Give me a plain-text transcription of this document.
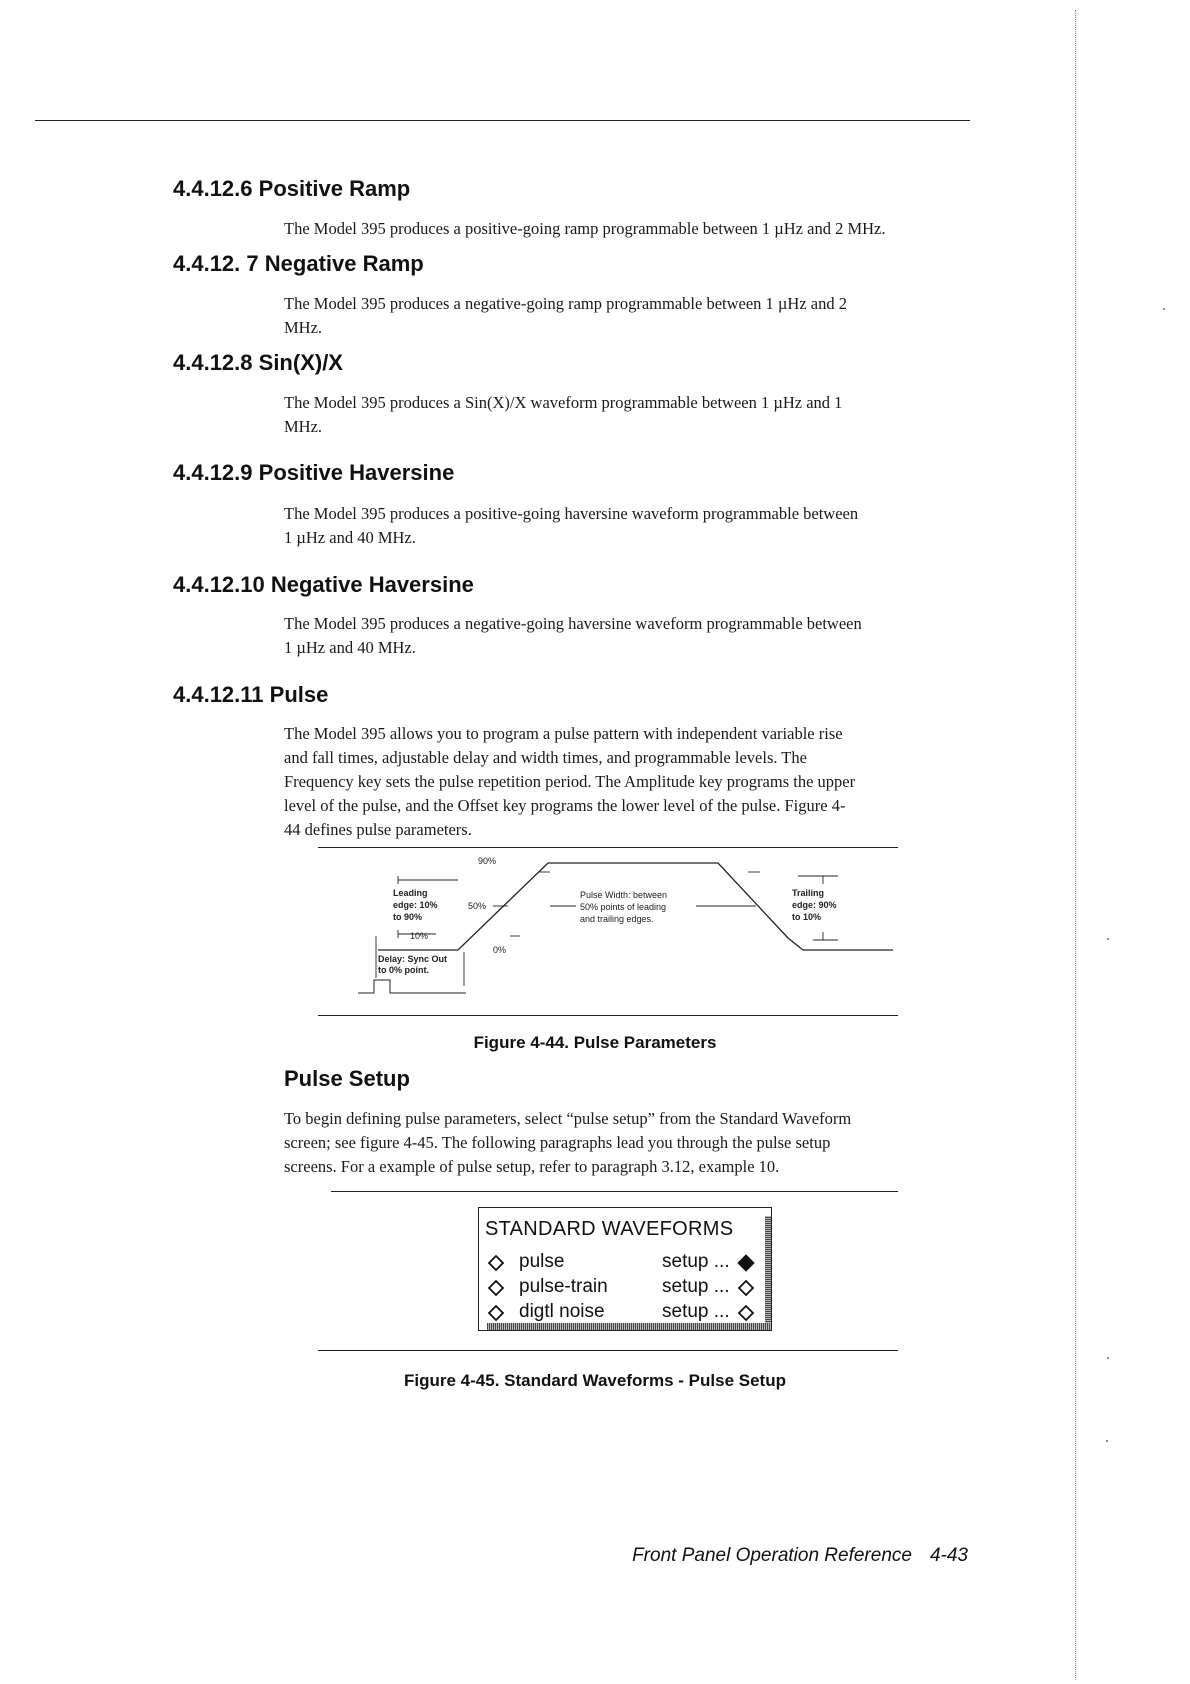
4.4.12.6 Positive Ramp
The Model 395 produces a positive-going ramp programmable between 1 µHz and 2 MHz.
4.4.12. 7 Negative Ramp
The Model 395 produces a negative-going ramp programmable between 1 µHz and 2
MHz.
4.4.12.8 Sin(X)/X
The Model 395 produces a Sin(X)/X waveform programmable between 1 µHz and 1
MHz.
4.4.12.9 Positive Haversine
The Model 395 produces a positive-going haversine waveform programmable between
1 µHz and 40 MHz.
4.4.12.10 Negative Haversine
The Model 395 produces a negative-going haversine waveform programmable between
1 µHz and 40 MHz.
4.4.12.11 Pulse
The Model 395 allows you to program a pulse pattern with independent variable rise
and fall times, adjustable delay and width times, and programmable levels. The
Frequency key sets the pulse repetition period. The Amplitude key programs the upper
level of the pulse, and the Offset key programs the lower level of the pulse. Figure 4-
44 defines pulse parameters.
90%
50%
10%
0%
Leading
edge: 10%
to 90%
Pulse Width: between
50% points of leading
and trailing edges.
Trailing
edge: 90%
to 10%
Delay: Sync Out
to 0% point.

Figure 4-44. Pulse Parameters

Pulse Setup
To begin defining pulse parameters, select “pulse setup” from the Standard Waveform
screen; see figure 4-45. The following paragraphs lead you through the pulse setup
screens. For a example of pulse setup, refer to paragraph 3.12, example 10.
STANDARD WAVEFORMS
pulse	setup ...
pulse-train	setup ...
digtl noise	setup ...

Figure 4-45. Standard Waveforms - Pulse Setup

Front Panel Operation Reference 4-43
